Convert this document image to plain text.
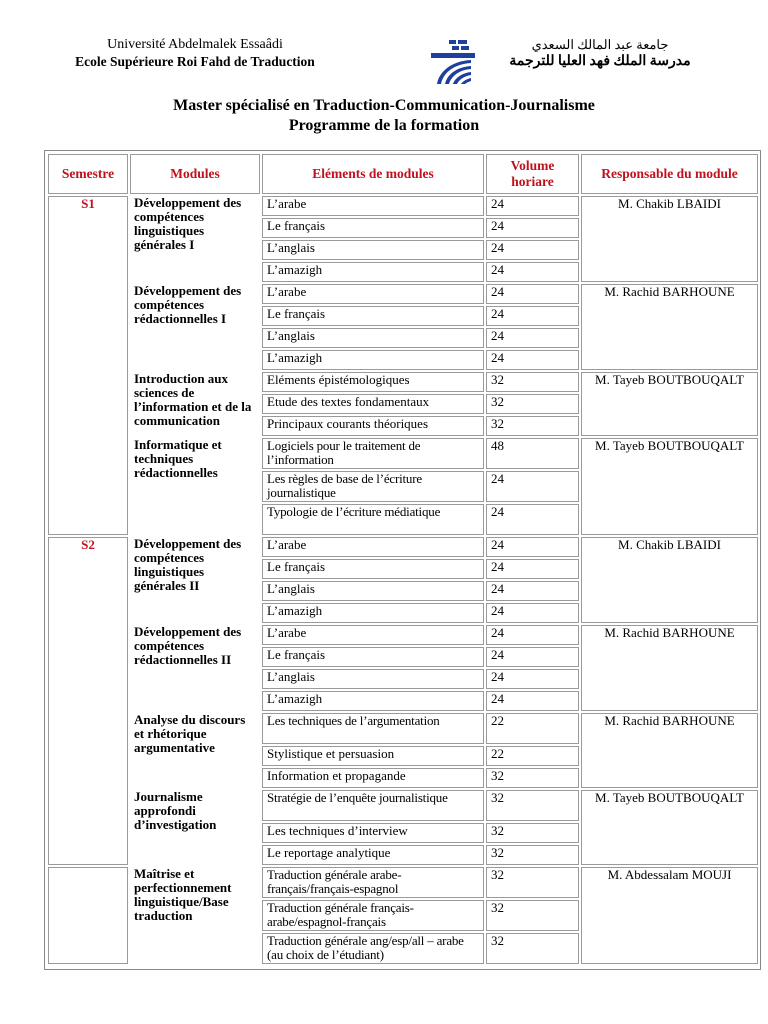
Université Abdelmalek Essaâdi
Ecole Supérieure Roi Fahd de Traduction
جامعة عبد المالك السعدي
مدرسة الملك فهد العليا للترجمة
Master spécialisé en Traduction-Communication-Journalisme
Programme de la formation
Semestre	Modules	Eléments de modules	Volume horiare	Responsable du module
S1	Développement des compétences linguistiques générales I	L’arabe	24	M. Chakib LBAIDI
		Le français	24	
		L’anglais	24	
		L’amazigh	24	
	Développement des compétences rédactionnelles I	L’arabe	24	M. Rachid BARHOUNE
		Le français	24	
		L’anglais	24	
		L’amazigh	24	
	Introduction aux sciences de l’information et de la communication	Eléments épistémologiques	32	M. Tayeb BOUTBOUQALT
		Etude des textes fondamentaux	32	
		Principaux courants théoriques	32	
	Informatique et techniques rédactionnelles	Logiciels pour le traitement de l’information	48	M. Tayeb BOUTBOUQALT
		Les règles de base de l’écriture journalistique	24	
		Typologie de l’écriture médiatique	24	
S2	Développement des compétences linguistiques générales II	L’arabe	24	M. Chakib LBAIDI
		Le français	24	
		L’anglais	24	
		L’amazigh	24	
	Développement des compétences rédactionnelles II	L’arabe	24	M. Rachid BARHOUNE
		Le français	24	
		L’anglais	24	
		L’amazigh	24	
	Analyse du discours et rhétorique argumentative	Les techniques de l’argumentation	22	M. Rachid BARHOUNE
		Stylistique et persuasion	22	
		Information et propagande	32	
	Journalisme approfondi d’investigation	Stratégie de l’enquête journalistique	32	M. Tayeb BOUTBOUQALT
		Les techniques d’interview	32	
		Le reportage analytique	32	
	Maîtrise et perfectionnement linguistique/Base traduction	Traduction générale arabe-français/français-espagnol	32	M. Abdessalam MOUJI
		Traduction générale français-arabe/espagnol-français	32	
		Traduction générale ang/esp/all – arabe (au choix de l’étudiant)	32	
